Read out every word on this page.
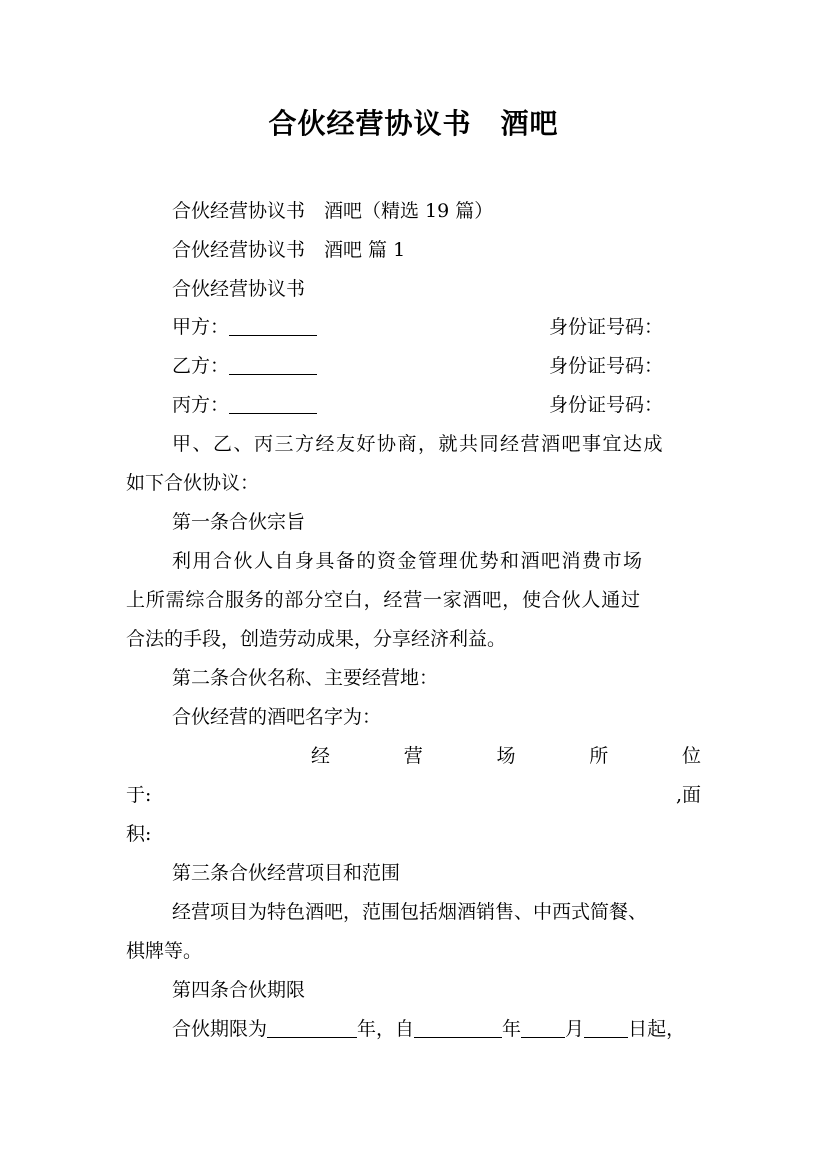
合伙经营协议书　酒吧
合伙经营协议书　酒吧（精选 19 篇）
合伙经营协议书　酒吧 篇 1
合伙经营协议书
甲方：	身份证号码：
乙方：	身份证号码：
丙方：	身份证号码：
甲、乙、丙三方经友好协商，就共同经营酒吧事宜达成
如下合伙协议：
第一条合伙宗旨
利用合伙人自身具备的资金管理优势和酒吧消费市场
上所需综合服务的部分空白，经营一家酒吧，使合伙人通过
合法的手段，创造劳动成果，分享经济利益。
第二条合伙名称、主要经营地：
合伙经营的酒吧名字为：
经	营	场	所	位
于:	,面
积:
第三条合伙经营项目和范围
经营项目为特色酒吧，范围包括烟酒销售、中西式简餐、
棋牌等。
第四条合伙期限
合伙期限为	年，自	年 月 日起，
